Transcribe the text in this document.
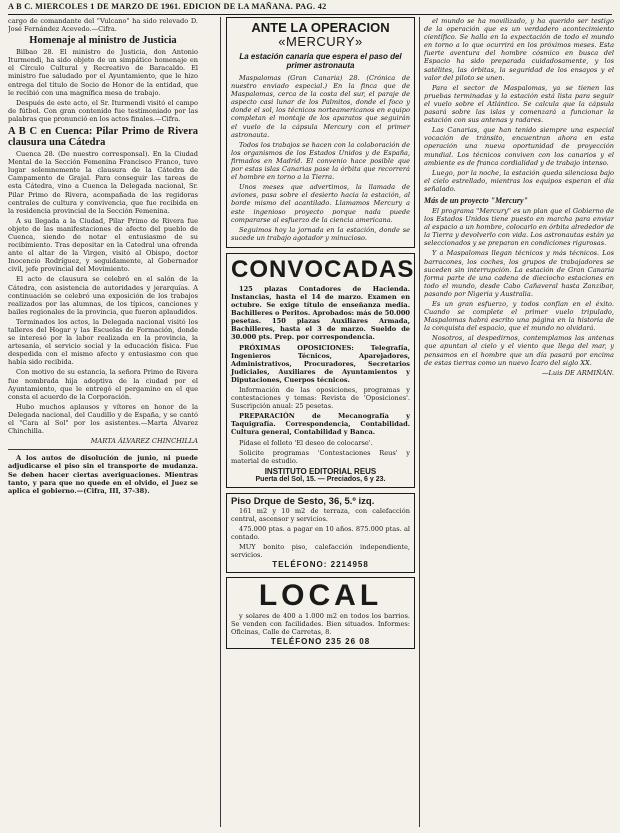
A B C. MIERCOLES 1 DE MARZO DE 1961. EDICION DE LA MAÑANA. PAG. 42

cargo de comandante del "Vulcano" ha sido relevado D. José Fernández Acevedo.—Cifra.

Homenaje al ministro de Justicia

Bilbao 28. El ministro de Justicia, don Antonio Iturmendi, ha sido objeto de un simpático homenaje en el Círculo Cultural y Recreativo de Baracaldo. El ministro fue saludado por el Ayuntamiento, que le hizo entrega del título de Socio de Honor de la entidad, que le recibió con una magnífica mesa de trabajo.

Después de este acto, el Sr. Iturmendi visitó el campo de fútbol. Con gran contenido fue testimoniado por las palabras que pronunció en los actos finales.—Cifra.

A B C en Cuenca: Pilar Primo de Rivera clausura una Cátedra

Cuenca 28. (De nuestro corresponsal). En la Ciudad Mental de la Sección Femenina Francisco Franco, tuvo lugar solemnemente la clausura de la Cátedra de Campamento de Grajal. Para conseguir las tareas de esta Cátedra, vino a Cuenca la Delegada nacional, Sr. Pilar Primo de Rivera, acompañada de las regidoras centrales de cultura y convivencia, que fue recibida en la residencia provincial de la Sección Femenina.

A su llegada a la Ciudad, Pilar Primo de Rivera fue objeto de las manifestaciones de afecto del pueblo de Cuenca, siendo de notar el entusiasmo de su recibimiento. Tras depositar en la Catedral una ofrenda ante el altar de la Virgen, visitó al Obispo, doctor Inocencio Rodríguez, y seguidamente, al Gobernador civil, jefe provincial del Movimiento.

El acto de clausura se celebró en el salón de la Cátedra, con asistencia de autoridades y jerarquías. A continuación se celebró una exposición de los trabajos realizados por las alumnas, de los típicos, canciones y bailes regionales de la provincia, que fueron aplaudidos.

Terminados los actos, la Delegada nacional visitó los talleres del Hogar y las Escuelas de Formación, donde se interesó por la labor realizada en la provincia, la artesanía, el servicio social y la educación física. Fue despedida con el mismo afecto y entusiasmo con que había sido recibida.

Con motivo de su estancia, la señora Primo de Rivera fue nombrada hija adoptiva de la ciudad por el Ayuntamiento, que le entregó el pergamino en el que consta el acuerdo de la Corporación.

Hubo muchos aplausos y vítores en honor de la Delegada nacional, del Caudillo y de España, y se cantó el "Cara al Sol" por los asistentes.—Marta Álvarez Chinchilla.

MARTA ÁLVAREZ CHINCHILLA

A los autos de disolución de junio, ni puede adjudicarse el piso sin el transporte de mudanza. Se deben hacer ciertas averiguaciones. Mientras tanto, y para que no quede en el olvido, el Juez se aplica el gobierno.—(Cifra, III, 37-38).

ANTE LA OPERACION
«MERCURY»
La estación canaria que espera el paso del primer astronauta

Maspalomas (Gran Canaria) 28. (Crónica de nuestro enviado especial.) En la finca que de Maspalomas, cerca de la costa del sur, el paraje de aspecto casi lunar de los Palmitos, donde el foco y donde el sol, los técnicos norteamericanos en equipo completan el montaje de los aparatos que seguirán el vuelo de la cápsula Mercury con el primer astronauta.

Todos los trabajos se hacen con la colaboración de los organismos de los Estados Unidos y de España, firmados en Madrid. El convenio hace posible que por estas islas Canarias pase la órbita que recorrerá el hombre en torno a la Tierra.

Unos meses que advertimos, la llamada de aviones, pasa sobre el desierto hacia la estación, al borde mismo del acantilado. Llamamos Mercury a este ingenioso proyecto porque nada puede compararse al esfuerzo de la ciencia americana.

Seguimos hoy la jornada en la estación, donde se sucede un trabajo agotador y minucioso.

CONVOCADAS

125 plazas Contadores de Hacienda. Instancias, hasta el 14 de marzo. Examen en octubre. Se exige título de enseñanza media. Bachilleres o Peritos. Aprobados: más de 50.000 pesetas. 150 plazas Auxiliares Armada, Bachilleres, hasta el 3 de marzo. Sueldo de 30.000 pts. Prep. por correspondencia.

PRÓXIMAS OPOSICIONES: Telegrafía, Ingenieros Técnicos, Aparejadores, Administrativos, Procuradores, Secretarios Judiciales, Auxiliares de Ayuntamientos y Diputaciones, Cuerpos técnicos.

Información de las oposiciones, programas y contestaciones y temas: Revista de 'Oposiciones'. Suscripción anual: 25 pesetas.

PREPARACIÓN de Mecanografía y Taquigrafía. Correspondencia, Contabilidad. Cultura general, Contabilidad y Banca.

Pídase el folleto 'El deseo de colocarse'.

Solicite programas 'Contestaciones Reus' y material de estudio.

INSTITUTO EDITORIAL REUS
Puerta del Sol, 15. — Preciados, 6 y 23.
Piso Drque de Sesto, 36, 5.º izq.

161 m2 y 10 m2 de terraza, con calefacción central, ascensor y servicios.

475.000 ptas. a pagar en 10 años. 875.000 ptas. al contado.

MUY bonito piso, calefacción independiente, servicios.

TELÉFONO: 2214958
LOCAL

y solares de 400 a 1.000 m2 en todos los barrios. Se venden con facilidades. Bien situados. Informes: Oficinas, Calle de Carretas, 8.

TELÉFONO 235 26 08

el mundo se ha movilizado, y ha querido ser testigo de la operación que es un verdadero acontecimiento científico. Se halla en la expectación de todo el mundo en torno a lo que ocurrirá en los próximos meses. Esta fuerte aventura del hombre cósmico en busca del Espacio ha sido preparada cuidadosamente, y los satélites, las órbitas, la seguridad de los ensayos y el valor del piloto se unen.

Para el sector de Maspalomas, ya se tienen las pruebas terminadas y la estación está lista para seguir el vuelo sobre el Atlántico. Se calcula que la cápsula pasará sobre las islas y comenzará a funcionar la estación con sus antenas y radares.

Las Canarias, que han tenido siempre una especial vocación de tránsito, encuentran ahora en esta operación una nueva oportunidad de proyección mundial. Los técnicos conviven con los canarios y el ambiente es de franca cordialidad y de trabajo intenso.

Luego, por la noche, la estación queda silenciosa bajo el cielo estrellado, mientras los equipos esperan el día señalado.

Más de un proyecto "Mercury"

El programa "Mercury" es un plan que el Gobierno de los Estados Unidos tiene puesto en marcha para enviar al espacio a un hombre, colocarlo en órbita alrededor de la Tierra y devolverlo con vida. Los astronautas están ya seleccionados y se preparan en condiciones rigurosas.

Y a Maspalomas llegan técnicos y más técnicos. Los barracones, los coches, los grupos de trabajadores se suceden sin interrupción. La estación de Gran Canaria forma parte de una cadena de dieciocho estaciones en todo el mundo, desde Cabo Cañaveral hasta Zanzíbar, pasando por Nigeria y Australia.

Es un gran esfuerzo, y todos confían en el éxito. Cuando se complete el primer vuelo tripulado, Maspalomas habrá escrito una página en la historia de la conquista del espacio, que el mundo no olvidará.

Nosotros, al despedirnos, contemplamos las antenas que apuntan al cielo y el viento que llega del mar, y pensamos en el hombre que un día pasará por encima de estas tierras como un nuevo Ícaro del siglo XX.

—Luis DE ARMIÑÁN.
